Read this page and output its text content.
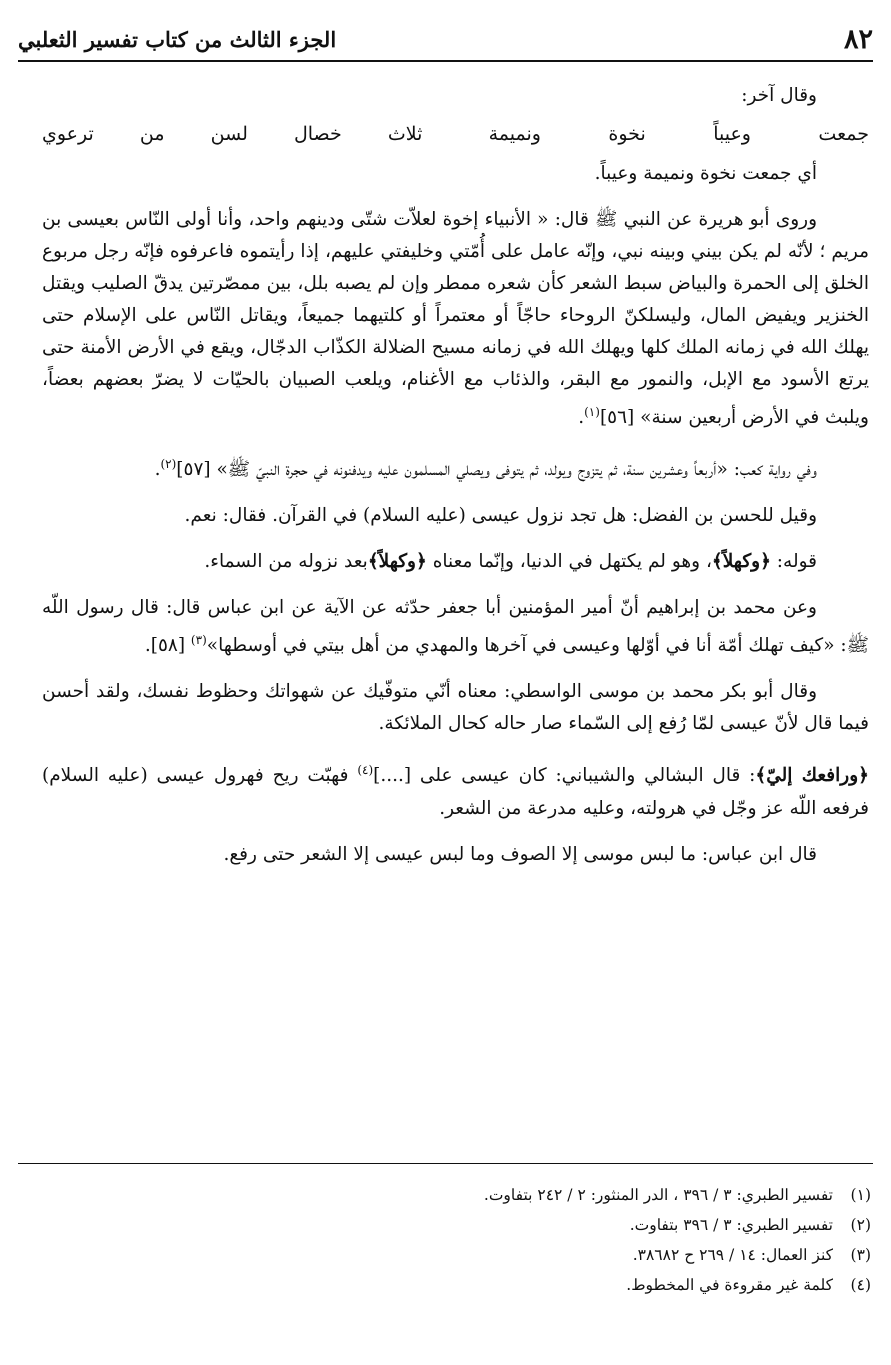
٨٢
الجزء الثالث من كتاب تفسير الثعلبي

وقال آخر:

جمعت وعيباً نخوة ونميمة
ثلاث خصال لسن من ترعوي

أي جمعت نخوة ونميمة وعيباً.

وروى أبو هريرة عن النبي ﷺ قال: « الأنبياء إخوة لعلاّت شتّى ودينهم واحد، وأنا أولى النّاس بعيسى بن مريم ؛ لأنّه لم يكن بيني وبينه نبي، وإنّه عامل على أُمّتي وخليفتي عليهم، إذا رأيتموه فاعرفوه فإنّه رجل مربوع الخلق إلى الحمرة والبياض سبط الشعر كأن شعره ممطر وإن لم يصبه بلل، بين ممصّرتين يدقّ الصليب ويقتل الخنزير ويفيض المال، وليسلكنّ الروحاء حاجّاً أو معتمراً أو كلتيهما جميعاً، ويقاتل النّاس على الإسلام حتى يهلك الله في زمانه الملك كلها ويهلك الله في زمانه مسيح الضلالة الكذّاب الدجّال، ويقع في الأرض الأمنة حتى يرتع الأسود مع الإبل، والنمور مع البقر، والذئاب مع الأغنام، ويلعب الصبيان بالحيّات لا يضرّ بعضهم بعضاً، ويلبث في الأرض أربعين سنة» [٥٦]$^{(١)}$.

وفي رواية كعب: «أربعاً وعشرين سنة، ثم يتزوج ويولد، ثم يتوفى ويصلي المسلمون عليه ويدفنونه في حجرة النبيّ ﷺ» [٥٧]$^{(٢)}$.

وقيل للحسن بن الفضل: هل تجد نزول عيسى (عليه السلام) في القرآن. فقال: نعم.

قوله: ﴿وكهلاً﴾، وهو لم يكتهل في الدنيا، وإنّما معناه ﴿وكهلاً﴾بعد نزوله من السماء.

وعن محمد بن إبراهيم أنّ أمير المؤمنين أبا جعفر حدّثه عن الآية عن ابن عباس قال: قال رسول اللّه ﷺ: «كيف تهلك أمّة أنا في أوّلها وعيسى في آخرها والمهدي من أهل بيتي في أوسطها»$^{(٣)}$ [٥٨].

وقال أبو بكر محمد بن موسى الواسطي: معناه أنّي متوفّيك عن شهواتك وحظوط نفسك، ولقد أحسن فيما قال لأنّ عيسى لمّا رُفع إلى السّماء صار حاله كحال الملائكة.

﴿ورافعك إليّ﴾: قال البشالي والشيباني: كان عيسى على [....]$^{(٤)}$ فهبّت ريح فهرول عيسى (عليه السلام) فرفعه اللّه عز وجّل في هرولته، وعليه مدرعة من الشعر.

قال ابن عباس: ما لبس موسى إلا الصوف وما لبس عيسى إلا الشعر حتى رفع.

(١)
تفسير الطبري: ٣ / ٣٩٦ ، الدر المنثور: ٢ / ٢٤٢ بتفاوت.
(٢)
تفسير الطبري: ٣ / ٣٩٦ بتفاوت.
(٣)
كنز العمال: ١٤ / ٢٦٩ ح ٣٨٦٨٢.
(٤)
كلمة غير مقروءة في المخطوط.
